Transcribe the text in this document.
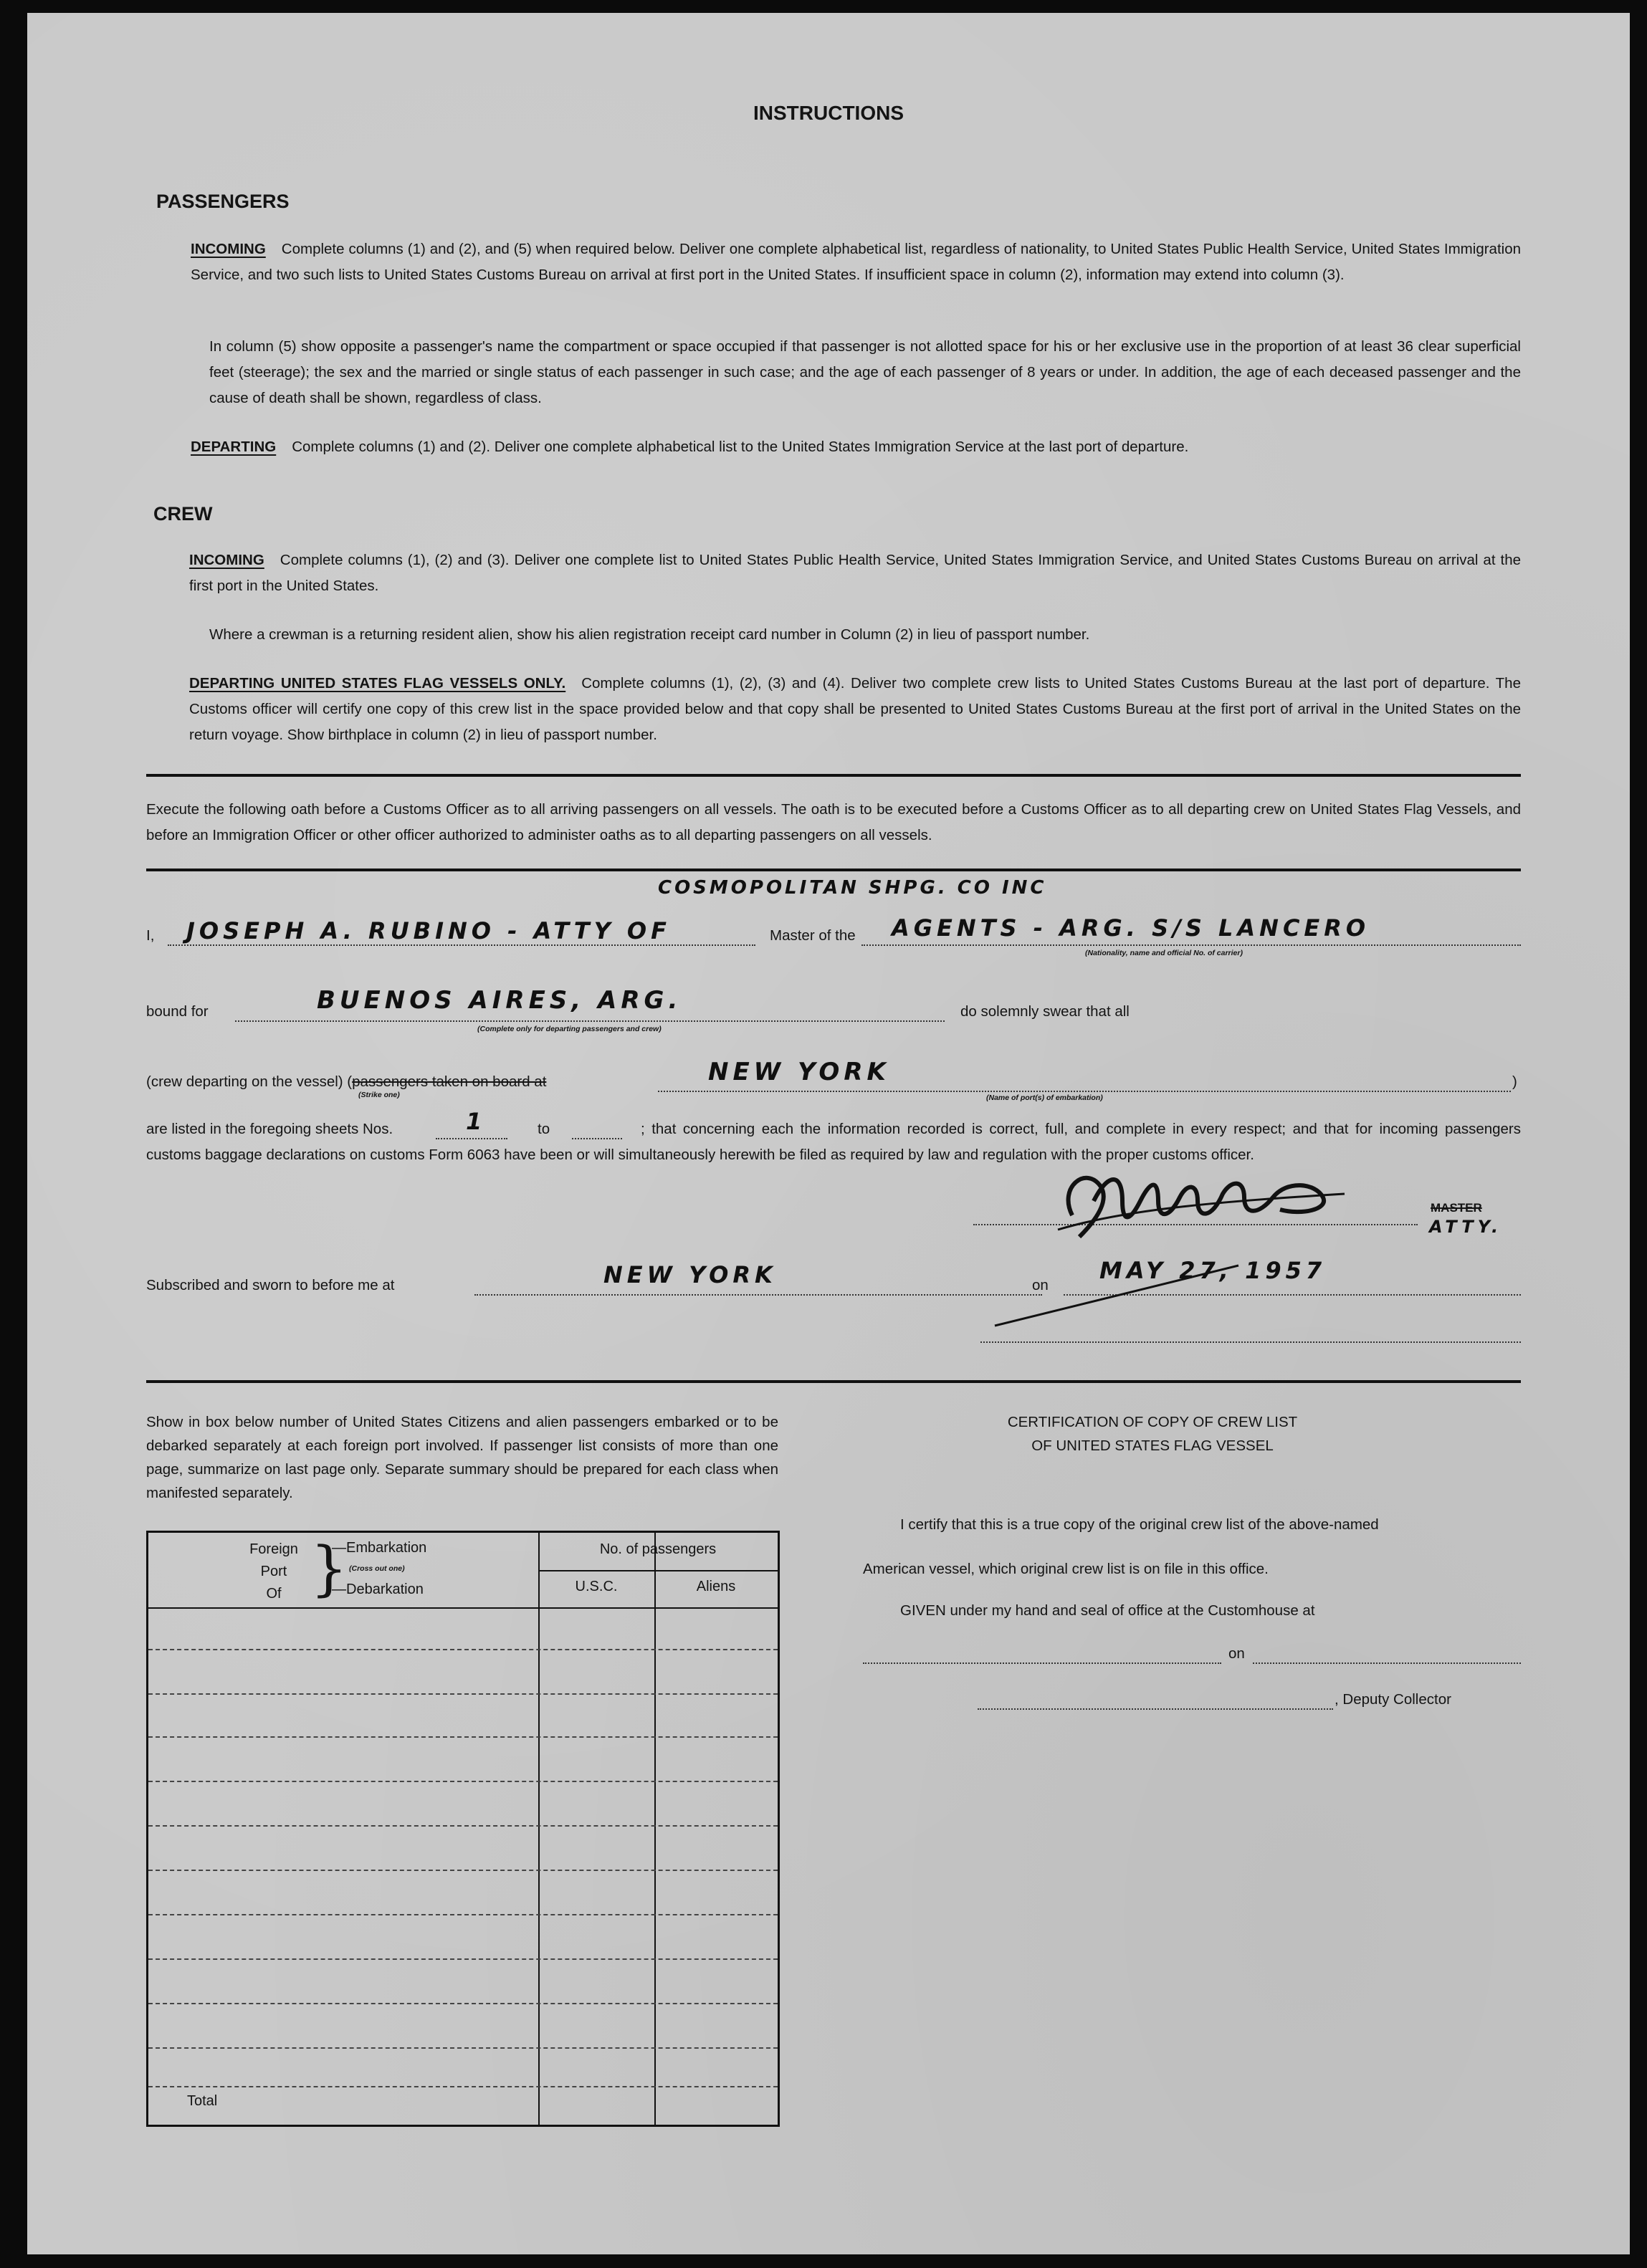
INSTRUCTIONS
PASSENGERS
INCOMING Complete columns (1) and (2), and (5) when required below. Deliver one complete alphabetical list, regardless of nationality, to United States Public Health Service, United States Immigration Service, and two such lists to United States Customs Bureau on arrival at first port in the United States. If insufficient space in column (2), information may extend into column (3).
In column (5) show opposite a passenger's name the compartment or space occupied if that passenger is not allotted space for his or her exclusive use in the proportion of at least 36 clear superficial feet (steerage); the sex and the married or single status of each passenger in such case; and the age of each passenger of 8 years or under. In addition, the age of each deceased passenger and the cause of death shall be shown, regardless of class.
DEPARTING Complete columns (1) and (2). Deliver one complete alphabetical list to the United States Immigration Service at the last port of departure.
CREW
INCOMING Complete columns (1), (2) and (3). Deliver one complete list to United States Public Health Service, United States Immigration Service, and United States Customs Bureau on arrival at the first port in the United States.
Where a crewman is a returning resident alien, show his alien registration receipt card number in Column (2) in lieu of passport number.
DEPARTING UNITED STATES FLAG VESSELS ONLY. Complete columns (1), (2), (3) and (4). Deliver two complete crew lists to United States Customs Bureau at the last port of departure. The Customs officer will certify one copy of this crew list in the space provided below and that copy shall be presented to United States Customs Bureau at the first port of arrival in the United States on the return voyage. Show birthplace in column (2) in lieu of passport number.
Execute the following oath before a Customs Officer as to all arriving passengers on all vessels. The oath is to be executed before a Customs Officer as to all departing crew on United States Flag Vessels, and before an Immigration Officer or other officer authorized to administer oaths as to all departing passengers on all vessels.
COSMOPOLITAN SHPG. CO INC
I, JOSEPH A. RUBINO - ATTY OF	Master of the AGENTS - ARG. S/S LANCERO
(Nationality, name and official No. of carrier)
bound for	BUENOS AIRES, ARG.
(Complete only for departing passengers and crew)
do solemnly swear that all
(crew departing on the vessel) (passengers taken on board at
(Strike one)
NEW YORK
(Name of port(s) of embarkation)
)
are listed in the foregoing sheets Nos.	1	to	; that concerning each the information recorded is correct, full, and complete in every respect; and that for incoming passengers customs baggage declarations on customs Form 6063 have been or will simultaneously herewith be filed as required by law and regulation with the proper customs officer.
MASTER
ATTY.
Subscribed and sworn to before me at	NEW YORK	on
MAY 27, 1957
Show in box below number of United States Citizens and alien passengers embarked or to be debarked separately at each foreign port involved. If passenger list consists of more than one page, summarize on last page only. Separate summary should be prepared for each class when manifested separately.
Foreign
Port
Of }
—Embarkation
(Cross out one)
—Debarkation
No. of passengers
U.S.C.	Aliens
Total
CERTIFICATION OF COPY OF CREW LIST
OF UNITED STATES FLAG VESSEL
I certify that this is a true copy of the original crew list of the above-named
American vessel, which original crew list is on file in this office.
GIVEN under my hand and seal of office at the Customhouse at
on
, Deputy Collector
